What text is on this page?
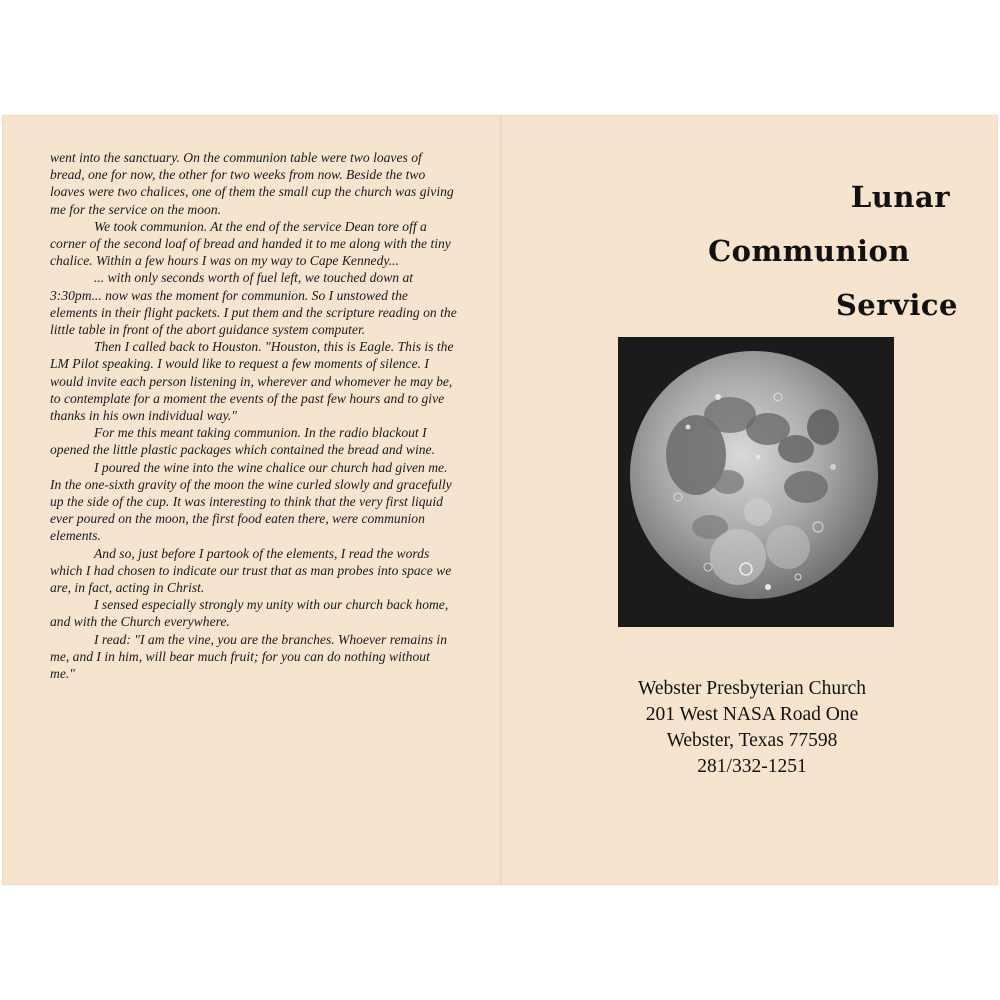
went into the sanctuary. On the communion table were two loaves of bread, one for now, the other for two weeks from now. Beside the two loaves were two chalices, one of them the small cup the church was giving me for the service on the moon.

We took communion. At the end of the service Dean tore off a corner of the second loaf of bread and handed it to me along with the tiny chalice. Within a few hours I was on my way to Cape Kennedy...

... with only seconds worth of fuel left, we touched down at 3:30pm... now was the moment for communion. So I unstowed the elements in their flight packets. I put them and the scripture reading on the little table in front of the abort guidance system computer.

Then I called back to Houston. "Houston, this is Eagle. This is the LM Pilot speaking. I would like to request a few moments of silence. I would invite each person listening in, wherever and whomever he may be, to contemplate for a moment the events of the past few hours and to give thanks in his own individual way."

For me this meant taking communion. In the radio blackout I opened the little plastic packages which contained the bread and wine.

I poured the wine into the wine chalice our church had given me. In the one-sixth gravity of the moon the wine curled slowly and gracefully up the side of the cup. It was interesting to think that the very first liquid ever poured on the moon, the first food eaten there, were communion elements.

And so, just before I partook of the elements, I read the words which I had chosen to indicate our trust that as man probes into space we are, in fact, acting in Christ.

I sensed especially strongly my unity with our church back home, and with the Church everywhere.

I read: "I am the vine, you are the branches. Whoever remains in me, and I in him, will bear much fruit; for you can do nothing without me."

Lunar
Communion
Service
Webster Presbyterian Church
201 West NASA Road One
Webster, Texas 77598
281/332-1251
